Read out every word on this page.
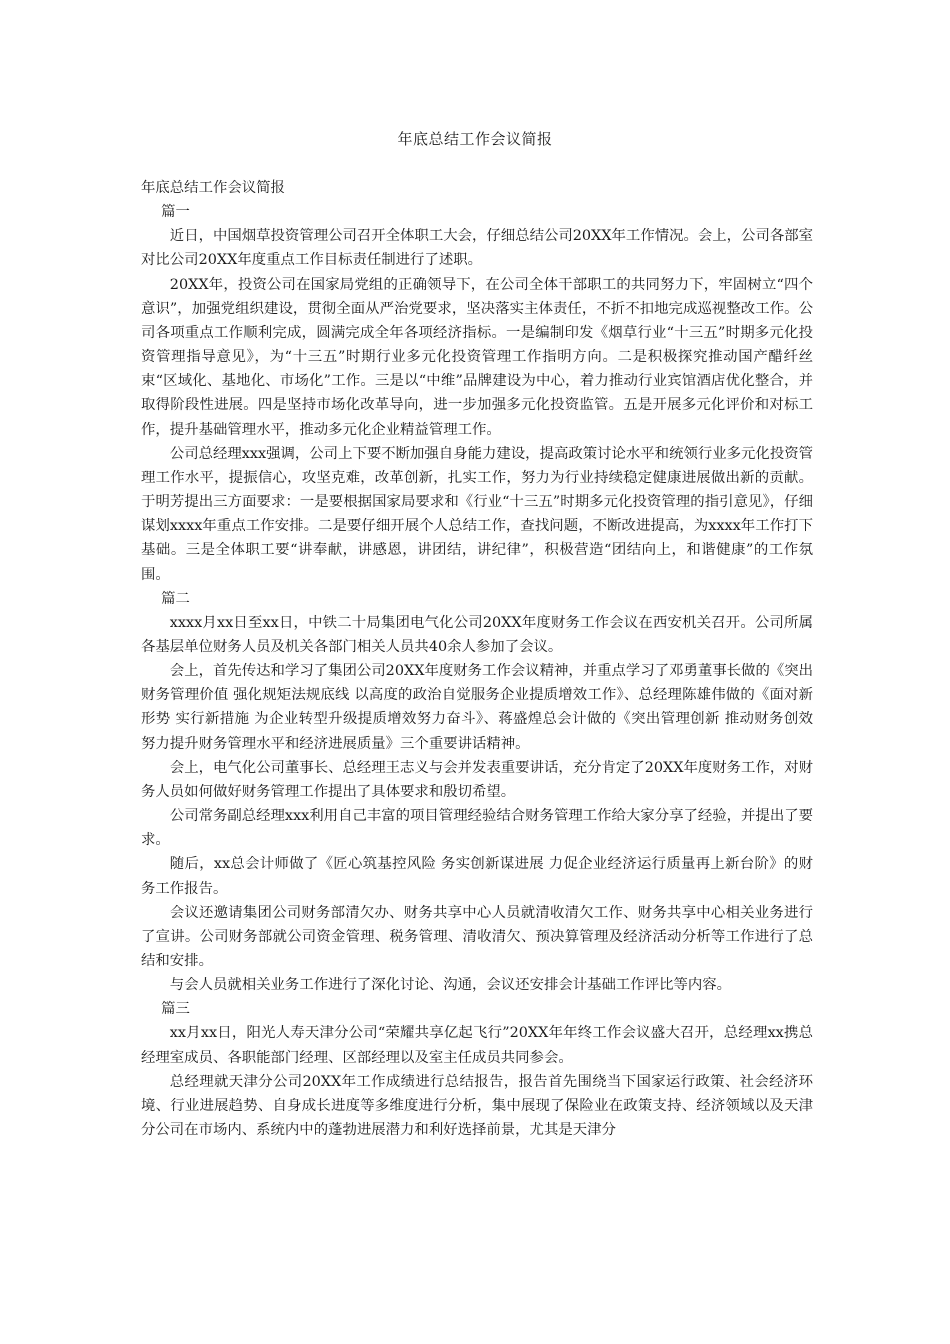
年底总结工作会议简报

年底总结工作会议简报

篇一

近日，中国烟草投资管理公司召开全体职工大会，仔细总结公司20XX年工作情况。会上，公司各部室对比公司20XX年度重点工作目标责任制进行了述职。

20XX年，投资公司在国家局党组的正确领导下，在公司全体干部职工的共同努力下，牢固树立“四个意识”，加强党组织建设，贯彻全面从严治党要求，坚决落实主体责任，不折不扣地完成巡视整改工作。公司各项重点工作顺利完成，圆满完成全年各项经济指标。一是编制印发《烟草行业“十三五”时期多元化投资管理指导意见》，为“十三五”时期行业多元化投资管理工作指明方向。二是积极探究推动国产醋纤丝束“区域化、基地化、市场化”工作。三是以“中维”品牌建设为中心，着力推动行业宾馆酒店优化整合，并取得阶段性进展。四是坚持市场化改革导向，进一步加强多元化投资监管。五是开展多元化评价和对标工作，提升基础管理水平，推动多元化企业精益管理工作。

公司总经理xxx强调，公司上下要不断加强自身能力建设，提高政策讨论水平和统领行业多元化投资管理工作水平，提振信心，攻坚克难，改革创新，扎实工作，努力为行业持续稳定健康进展做出新的贡献。于明芳提出三方面要求：一是要根据国家局要求和《行业“十三五”时期多元化投资管理的指引意见》，仔细谋划xxxx年重点工作安排。二是要仔细开展个人总结工作，查找问题，不断改进提高，为xxxx年工作打下基础。三是全体职工要“讲奉献，讲感恩，讲团结，讲纪律”，积极营造“团结向上，和谐健康”的工作氛围。

篇二

xxxx月xx日至xx日，中铁二十局集团电气化公司20XX年度财务工作会议在西安机关召开。公司所属各基层单位财务人员及机关各部门相关人员共40余人参加了会议。

会上，首先传达和学习了集团公司20XX年度财务工作会议精神，并重点学习了邓勇董事长做的《突出财务管理价值 强化规矩法规底线 以高度的政治自觉服务企业提质增效工作》、总经理陈雄伟做的《面对新形势 实行新措施 为企业转型升级提质增效努力奋斗》、蒋盛煌总会计做的《突出管理创新 推动财务创效 努力提升财务管理水平和经济进展质量》三个重要讲话精神。

会上，电气化公司董事长、总经理王志义与会并发表重要讲话，充分肯定了20XX年度财务工作，对财务人员如何做好财务管理工作提出了具体要求和殷切希望。

公司常务副总经理xxx利用自己丰富的项目管理经验结合财务管理工作给大家分享了经验，并提出了要求。

随后，xx总会计师做了《匠心筑基控风险 务实创新谋进展 力促企业经济运行质量再上新台阶》的财务工作报告。

会议还邀请集团公司财务部清欠办、财务共享中心人员就清收清欠工作、财务共享中心相关业务进行了宣讲。公司财务部就公司资金管理、税务管理、清收清欠、预决算管理及经济活动分析等工作进行了总结和安排。

与会人员就相关业务工作进行了深化讨论、沟通，会议还安排会计基础工作评比等内容。

篇三

xx月xx日，阳光人寿天津分公司“荣耀共享亿起飞行”20XX年年终工作会议盛大召开，总经理xx携总经理室成员、各职能部门经理、区部经理以及室主任成员共同参会。

总经理就天津分公司20XX年工作成绩进行总结报告，报告首先围绕当下国家运行政策、社会经济环境、行业进展趋势、自身成长进度等多维度进行分析，集中展现了保险业在政策支持、经济领域以及天津分公司在市场内、系统内中的蓬勃进展潜力和利好选择前景，尤其是天津分
